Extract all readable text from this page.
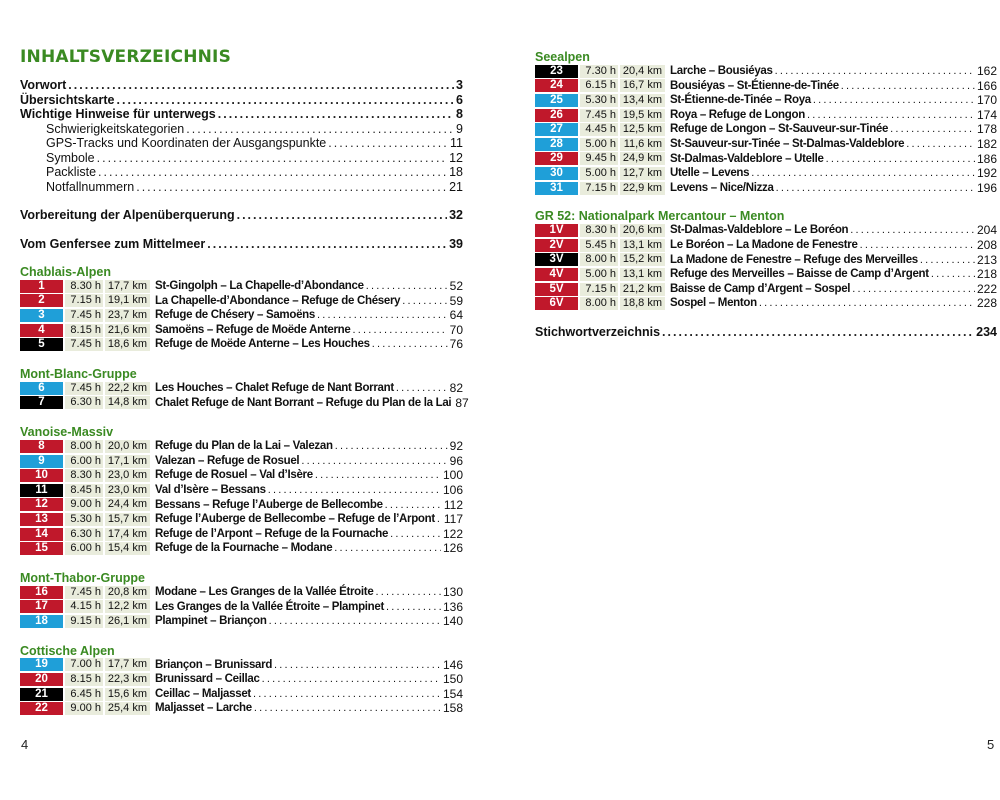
INHALTSVERZEICHNIS
Vorwort .....	3
Übersichtskarte .....	6
Wichtige Hinweise für unterwegs .....	8
Schwierigkeitskategorien .....	9
GPS-Tracks und Koordinaten der Ausgangspunkte .....	11
Symbole .....	12
Packliste .....	18
Notfallnummern .....	21
Vorbereitung der Alpenüberquerung .....	32
Vom Genfersee zum Mittelmeer .....	39
Chablais-Alpen
1	8.30 h 17,7 km St-Gingolph – La Chapelle-d’Abondance .....	52
2	7.15 h 19,1 km La Chapelle-d’Abondance – Refuge de Chésery .....	59
3	7.45 h 23,7 km Refuge de Chésery – Samoëns .....	64
4	8.15 h 21,6 km Samoëns – Refuge de Moëde Anterne .....	70
5	7.45 h 18,6 km Refuge de Moëde Anterne – Les Houches .....	76
Mont-Blanc-Gruppe
6	7.45 h 22,2 km Les Houches – Chalet Refuge de Nant Borrant .....	82
7	6.30 h 14,8 km Chalet Refuge de Nant Borrant – Refuge du Plan de la Lai 87
Vanoise-Massiv
8	8.00 h 20,0 km Refuge du Plan de la Lai – Valezan .....	92
9	6.00 h 17,1 km Valezan – Refuge de Rosuel .....	96
10	8.30 h 23,0 km Refuge de Rosuel – Val d’Isère .....	100
11	8.45 h 23,0 km Val d’Isère – Bessans .....	106
12	9.00 h 24,4 km Bessans – Refuge l’Auberge de Bellecombe .....	112
13	5.30 h 15,7 km Refuge l’Auberge de Bellecombe – Refuge de l’Arpont ..... 117
14	6.30 h 17,4 km Refuge de l’Arpont – Refuge de la Fournache .....	122
15	6.00 h 15,4 km Refuge de la Fournache – Modane .....	126
Mont-Thabor-Gruppe
16	7.45 h 20,8 km Modane – Les Granges de la Vallée Étroite .....	130
17	4.15 h 12,2 km Les Granges de la Vallée Étroite – Plampinet .....	136
18	9.15 h 26,1 km Plampinet – Briançon .....	140
Cottische Alpen
19	7.00 h 17,7 km Briançon – Brunissard .....	146
20	8.15 h 22,3 km Brunissard – Ceillac .....	150
21	6.45 h 15,6 km Ceillac – Maljasset .....	154
22	9.00 h 25,4 km Maljasset – Larche .....	158
Seealpen
23	7.30 h 20,4 km Larche – Bousiéyas .....	162
24	6.15 h 16,7 km Bousiéyas – St-Étienne-de-Tinée .....	166
25	5.30 h 13,4 km St-Étienne-de-Tinée – Roya .....	170
26	7.45 h 19,5 km Roya – Refuge de Longon .....	174
27	4.45 h 12,5 km Refuge de Longon – St-Sauveur-sur-Tinée .....	178
28	5.00 h 11,6 km St-Sauveur-sur-Tinée – St-Dalmas-Valdeblore .....	182
29	9.45 h 24,9 km St-Dalmas-Valdeblore – Utelle .....	186
30	5.00 h 12,7 km Utelle – Levens .....	192
31	7.15 h 22,9 km Levens – Nice/Nizza .....	196
GR 52: Nationalpark Mercantour – Menton
1V	8.30 h 20,6 km St-Dalmas-Valdeblore – Le Boréon .....	204
2V	5.45 h 13,1 km Le Boréon – La Madone de Fenestre .....	208
3V	8.00 h 15,2 km La Madone de Fenestre – Refuge des Merveilles .....	213
4V	5.00 h 13,1 km Refuge des Merveilles – Baisse de Camp d’Argent .....	218
5V	7.15 h 21,2 km Baisse de Camp d’Argent – Sospel .....	222
6V	8.00 h 18,8 km Sospel – Menton .....	228
Stichwortverzeichnis .....	234
4	5
